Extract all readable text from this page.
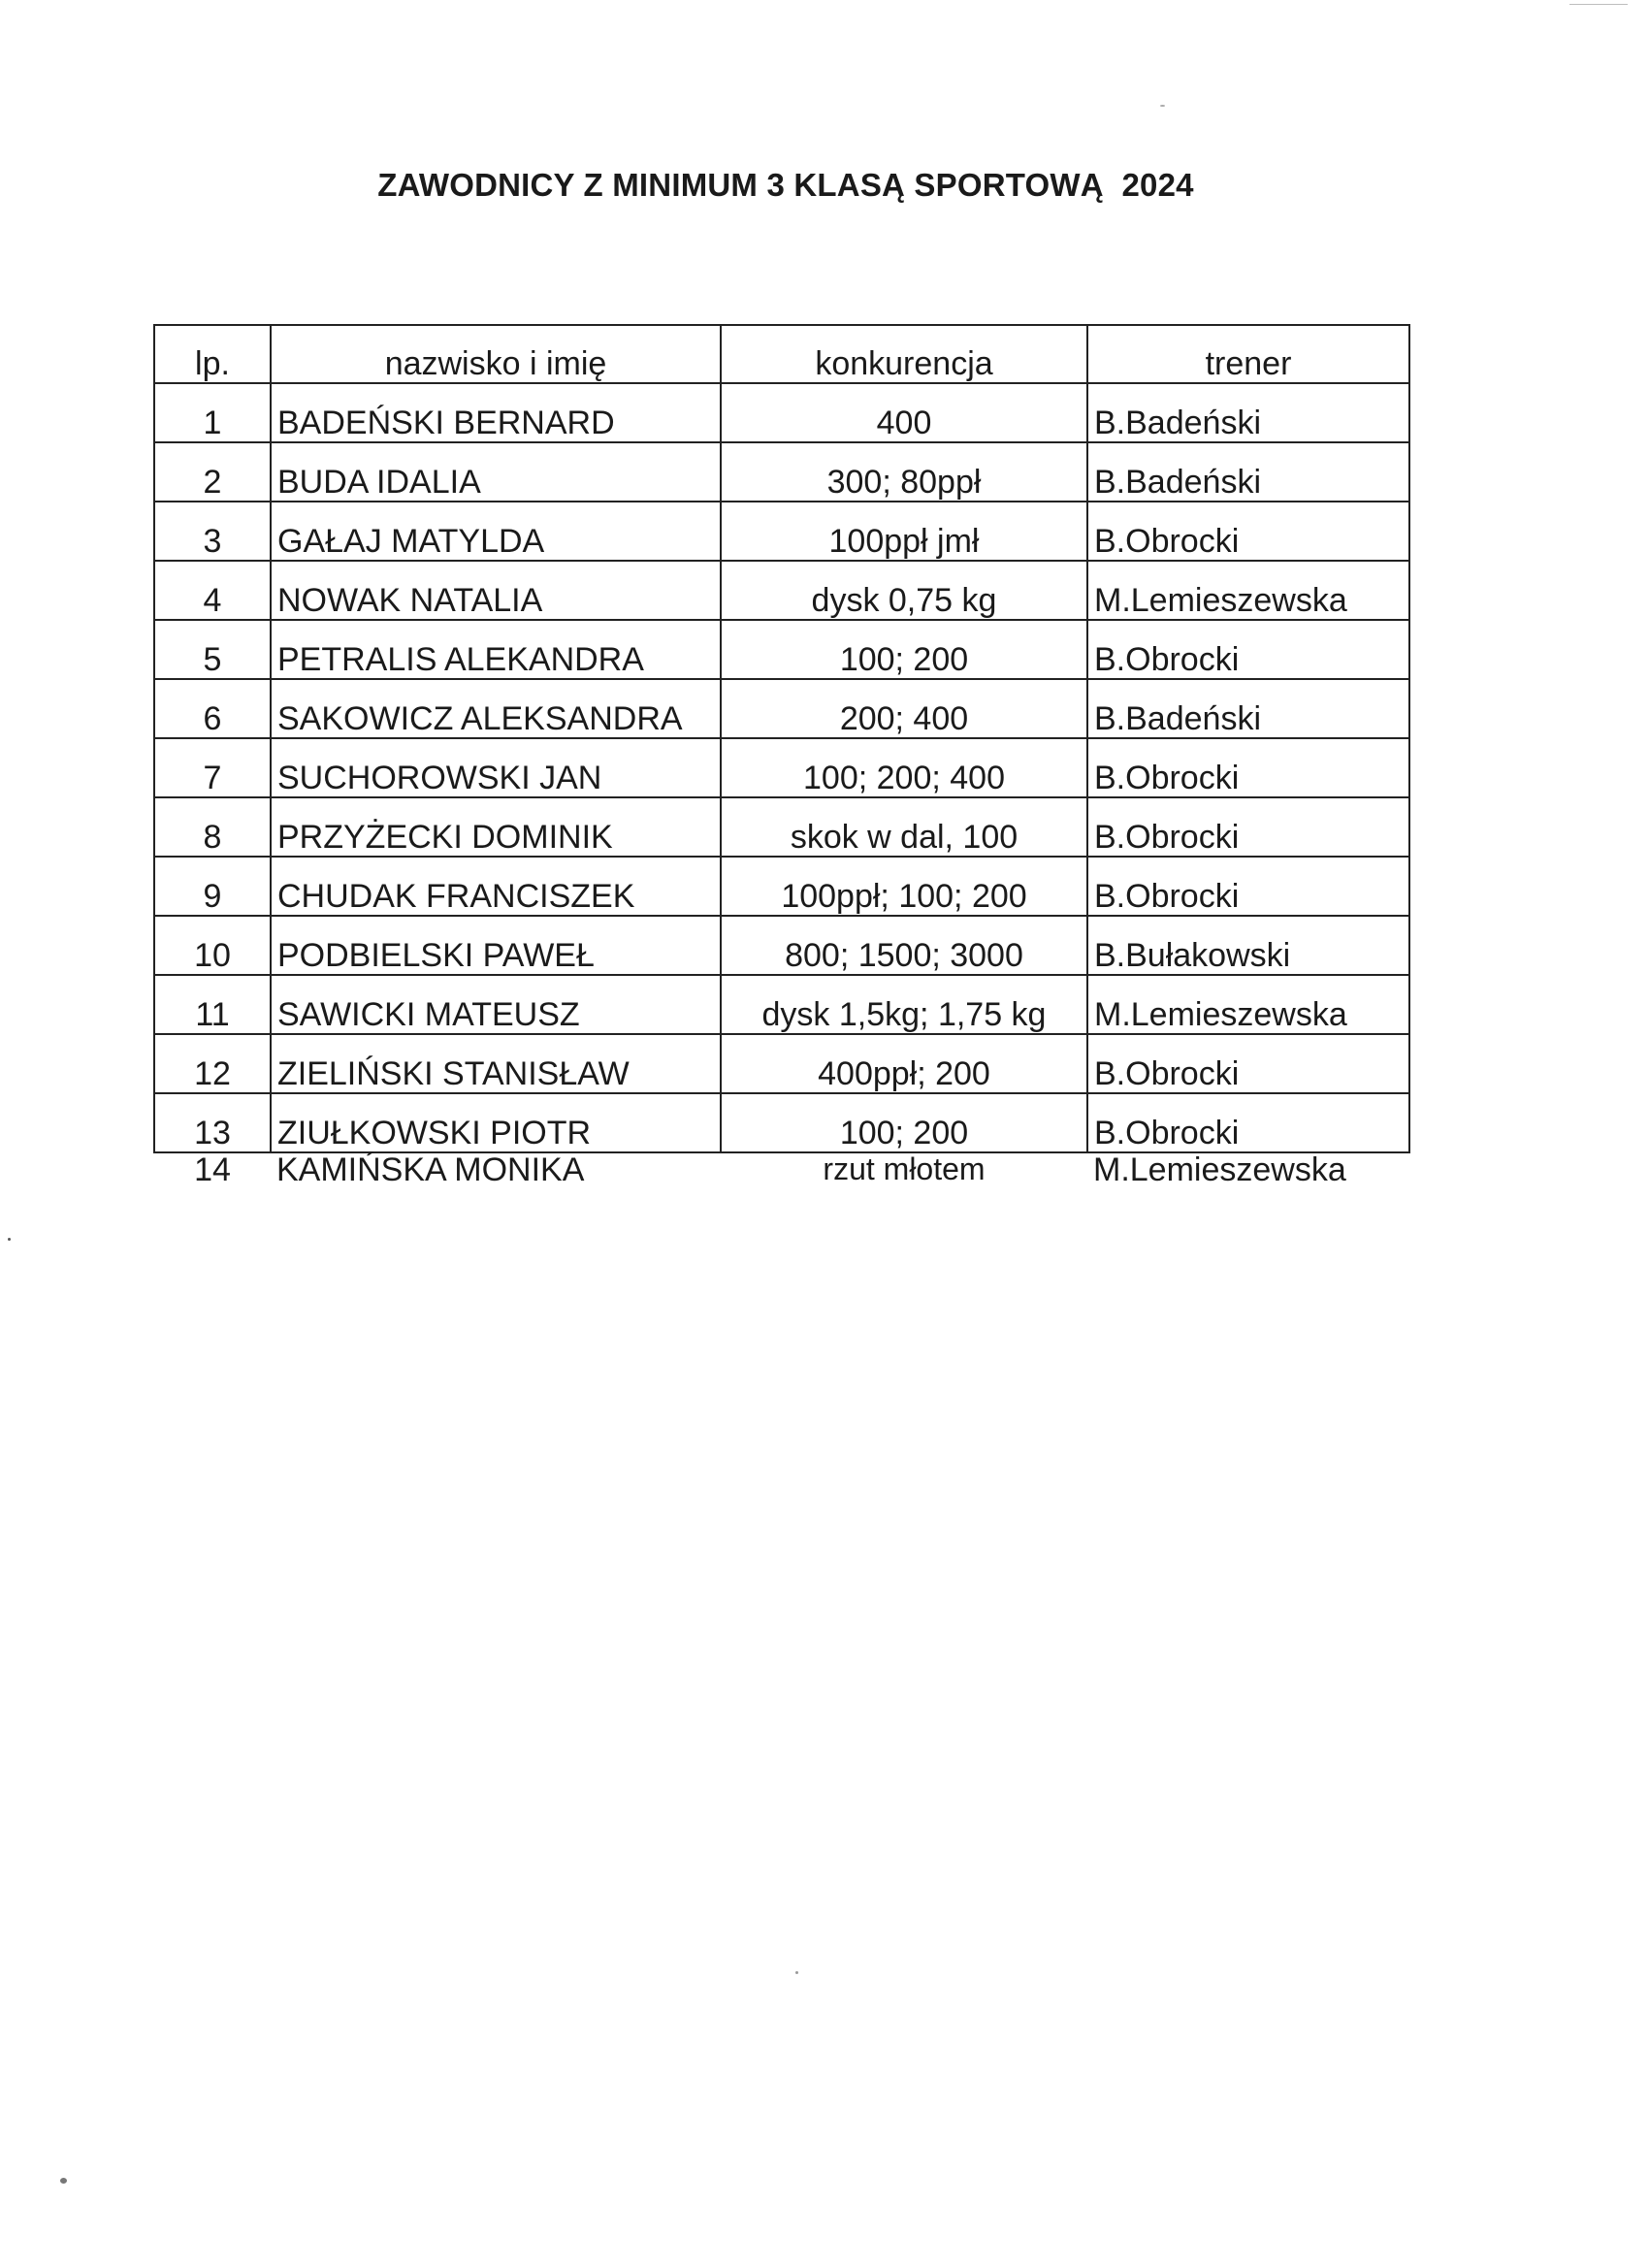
ZAWODNICY Z MINIMUM 3 KLASĄ SPORTOWĄ  2024
lp.	nazwisko i imię	konkurencja	trener
1	BADEŃSKI BERNARD	400	B.Badeński
2	BUDA IDALIA	300; 80ppł	B.Badeński
3	GAŁAJ MATYLDA	100ppł jmł	B.Obrocki
4	NOWAK NATALIA	dysk 0,75 kg	M.Lemieszewska
5	PETRALIS ALEKANDRA	100; 200	B.Obrocki
6	SAKOWICZ ALEKSANDRA	200; 400	B.Badeński
7	SUCHOROWSKI JAN	100; 200; 400	B.Obrocki
8	PRZYŻECKI DOMINIK	skok w dal, 100	B.Obrocki
9	CHUDAK FRANCISZEK	100ppł; 100; 200	B.Obrocki
10	PODBIELSKI PAWEŁ	800; 1500; 3000	B.Bułakowski
11	SAWICKI MATEUSZ	dysk 1,5kg; 1,75 kg	M.Lemieszewska
12	ZIELIŃSKI STANISŁAW	400ppł; 200	B.Obrocki
13	ZIUŁKOWSKI PIOTR	100; 200	B.Obrocki
14	KAMIŃSKA MONIKA	rzut młotem	M.Lemieszewska
